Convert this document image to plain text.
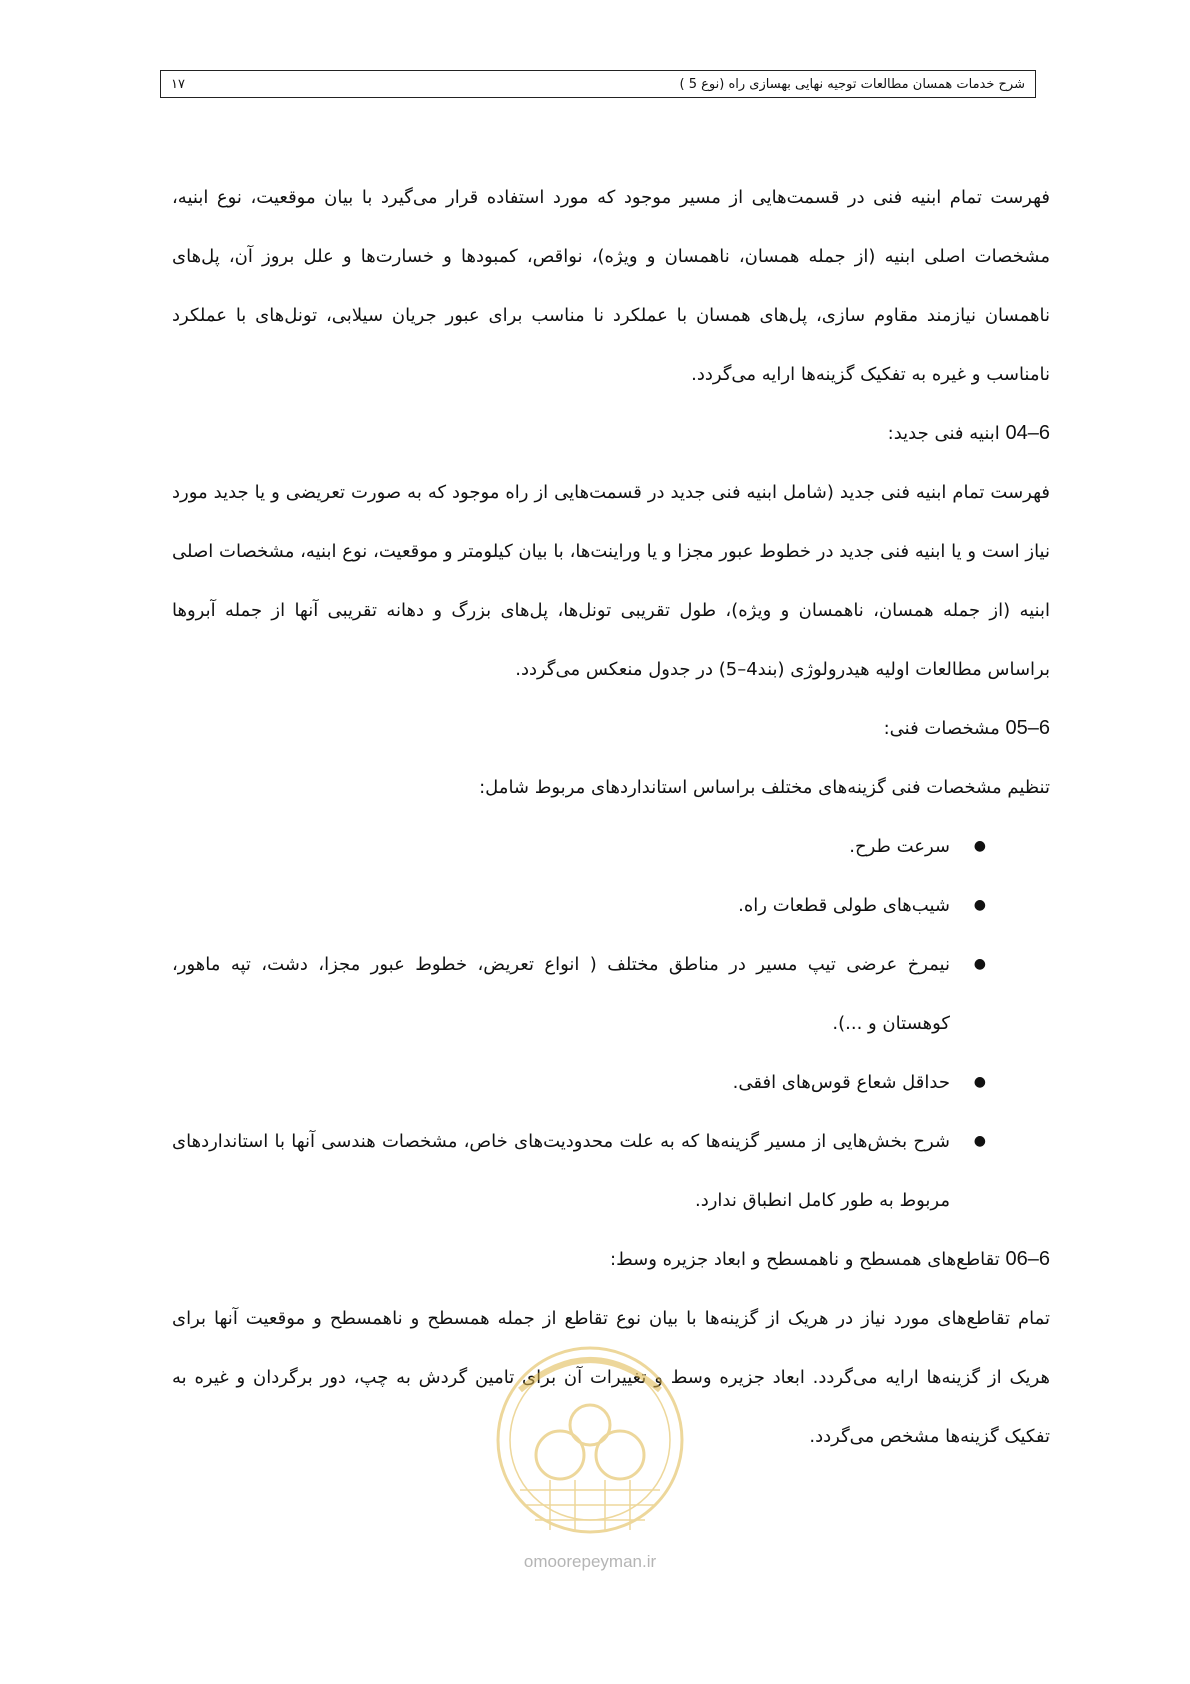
۱۷	شرح خدمات همسان مطالعات توجیه نهایی بهسازی راه (نوع 5 )

فهرست تمام ابنیه فنی در قسمت‌هایی از مسیر موجود که مورد استفاده قرار می‌گیرد با بیان موقعیت، نوع ابنیه، مشخصات اصلی ابنیه (از جمله همسان، ناهمسان و ویژه)، نواقص، کمبودها و خسارت‌ها و علل بروز آن، پل‌های ناهمسان نیازمند مقاوم سازی، پل‌های همسان با عملکرد نا مناسب برای عبور جریان سیلابی، تونل‌های با عملکرد نامناسب و غیره به تفکیک گزینه‌ها ارایه می‌گردد.

6–04 ابنیه فنی جدید:

فهرست تمام ابنیه فنی جدید (شامل ابنیه فنی جدید در قسمت‌هایی از راه موجود که به صورت تعریضی و یا جدید مورد نیاز است و یا ابنیه فنی جدید در خطوط عبور مجزا و یا وراینت‌ها، با بیان کیلومتر و موقعیت، نوع ابنیه، مشخصات اصلی ابنیه (از جمله همسان، ناهمسان و ویژه)، طول تقریبی تونل‌ها، پل‌های بزرگ و دهانه تقریبی آنها از جمله آبروها براساس مطالعات اولیه هیدرولوژی (بند4–5) در جدول منعکس می‌گردد.

6–05 مشخصات فنی:

تنظیم مشخصات فنی گزینه‌های مختلف براساس استانداردهای مربوط شامل:

● سرعت طرح.
● شیب‌های طولی قطعات راه.
● نیمرخ عرضی تیپ مسیر در مناطق مختلف ( انواع تعریض، خطوط عبور مجزا، دشت، تپه ماهور، کوهستان و ...).
● حداقل شعاع قوس‌های افقی.
● شرح بخش‌هایی از مسیر گزینه‌ها که به علت محدودیت‌های خاص، مشخصات هندسی آنها با استانداردهای مربوط به طور کامل انطباق ندارد.
6–06 تقاطع‌های همسطح و ناهمسطح و ابعاد جزیره وسط:

تمام تقاطع‌های مورد نیاز در هریک از گزینه‌ها با بیان نوع تقاطع از جمله همسطح و ناهمسطح و موقعیت آنها برای هریک از گزینه‌ها ارایه می‌گردد. ابعاد جزیره وسط و تغییرات آن برای تامین گردش به چپ، دور برگردان و غیره به تفکیک گزینه‌ها مشخص می‌گردد.

omoorepeyman.ir
